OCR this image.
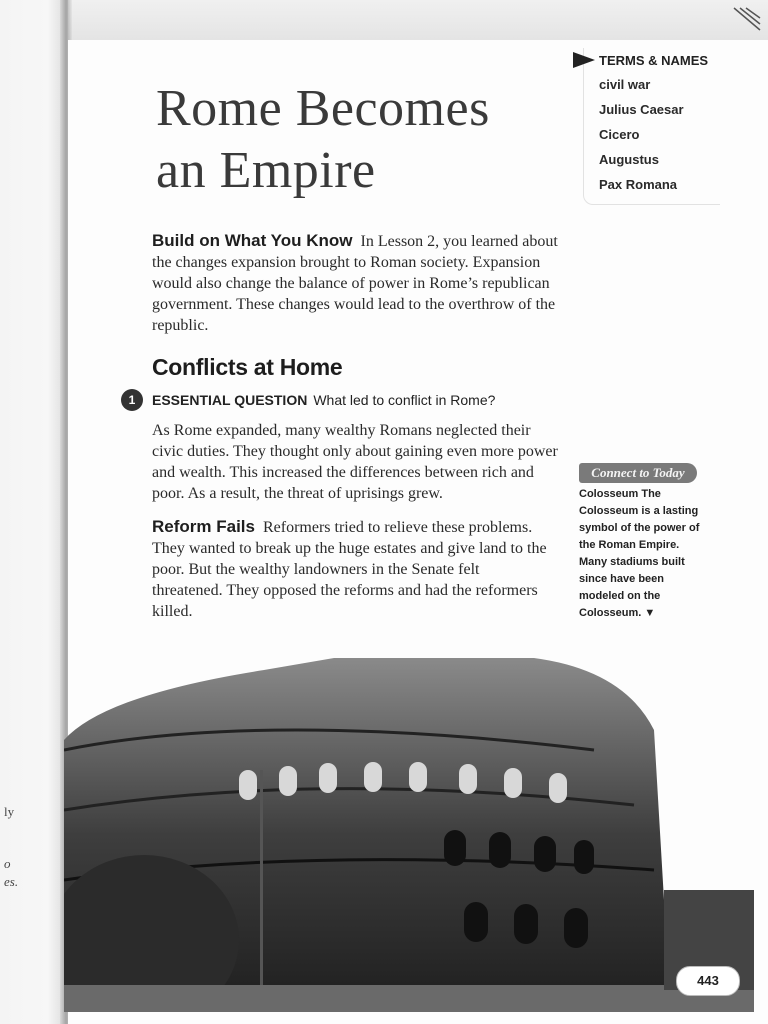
ly
o
es.
Rome Becomes
an Empire
civil war
Julius Caesar
Cicero
Augustus
Pax Romana
TERMS & NAMES
Build on What You Know In Lesson 2, you learned about the changes expansion brought to Roman society. Expansion would also change the balance of power in Rome’s republican government. These changes would lead to the overthrow of the republic.
Conflicts at Home
1	ESSENTIAL QUESTION What led to conflict in Rome?
As Rome expanded, many wealthy Romans neglected their civic duties. They thought only about gaining even more power and wealth. This increased the differences between rich and poor. As a result, the threat of uprisings grew.
Reform Fails Reformers tried to relieve these problems. They wanted to break up the huge estates and give land to the poor. But the wealthy landowners in the Senate felt threatened. They opposed the reforms and had the reformers killed.
Connect to Today
Colosseum The Colosseum is a lasting symbol of the power of the Roman Empire. Many stadiums built since have been modeled on the Colosseum. ▼
443
